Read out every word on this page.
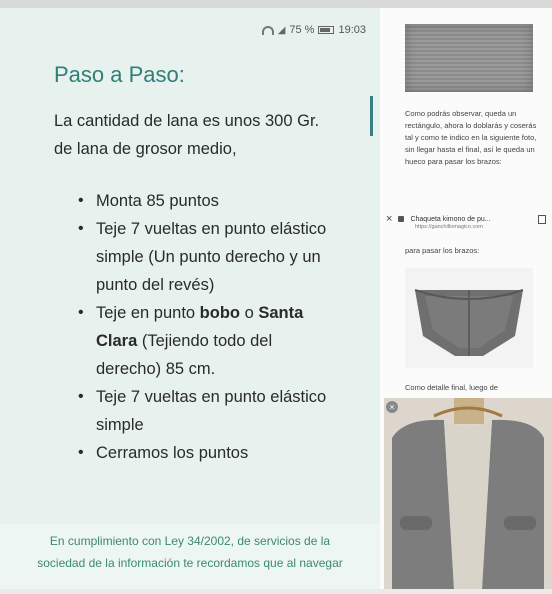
◢ 75 % 19:03
Paso a Paso:
La cantidad de lana es unos 300 Gr. de lana de grosor medio,
• Monta 85 puntos
• Teje 7 vueltas en punto elástico simple (Un punto derecho y un punto del revés)
• Teje en punto bobo o Santa Clara (Tejiendo todo del derecho) 85 cm.
• Teje 7 vueltas en punto elástico simple
• Cerramos los puntos
En cumplimiento con Ley 34/2002, de servicios de la
sociedad de la información te recordamos que al navegar
Como podrás observar, queda un rectángulo, ahora lo doblarás y coserás tal y como te indico en la siguiente foto, sin llegar hasta el final, así le queda un hueco para pasar los brazos:
×	Chaqueta kimono de pu...
https://ganchillomagico.com
para pasar los brazos:
Como detalle final, luego de
×
